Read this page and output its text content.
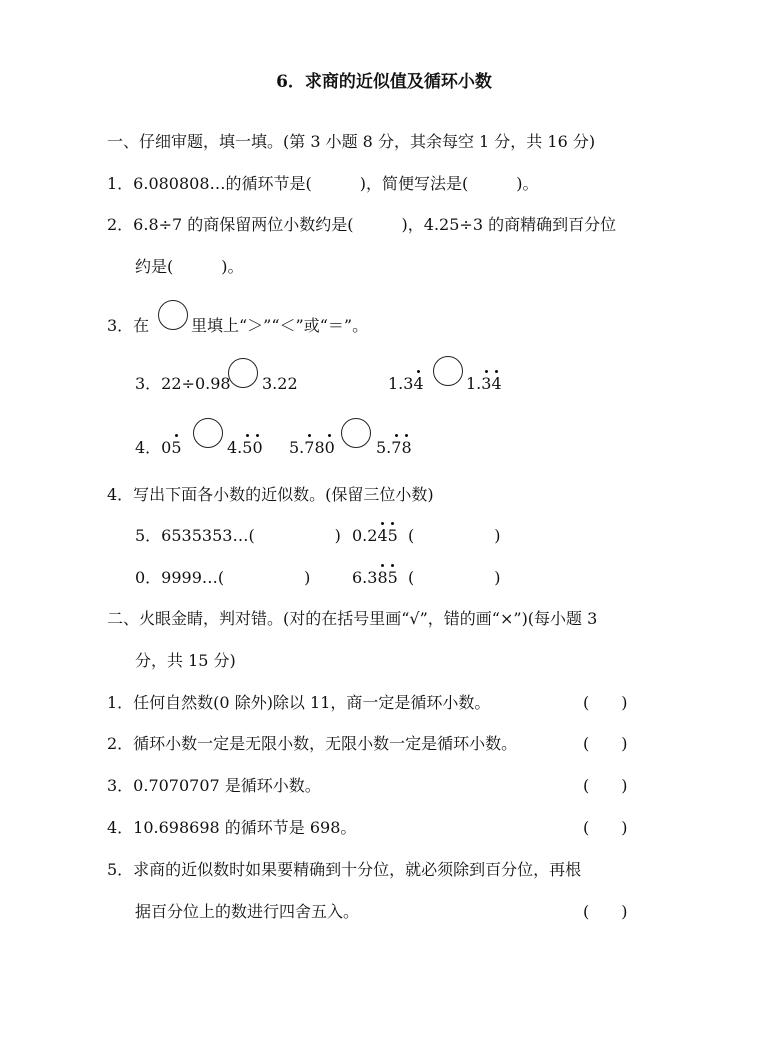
6．求商的近似值及循环小数
一、仔细审题，填一填。(第 3 小题 8 分，其余每空 1 分，共 16 分)
1．6.080808…的循环节是(　　　)，简便写法是(　　　)。
2．6.8÷7 的商保留两位小数约是(　　　)，4.25÷3 的商精确到百分位
约是(　　　)。
3．在	里填上“＞”“＜”或“＝”。
3．22÷0.98 3.22	1.34	1.34
4．05	4.50 5.780	5.78
4．写出下面各小数的近似数。(保留三位小数)
5．6535353…(　　　　　) 0.245  (　　　　　)
0．9999…(　　　　　)	6.385  (　　　　　)
二、火眼金睛，判对错。(对的在括号里画“√”，错的画“×”)(每小题 3
分，共 15 分)
1．任何自然数(0 除外)除以 11，商一定是循环小数。	(　　)
2．循环小数一定是无限小数，无限小数一定是循环小数。	(　　)
3．0.7070707 是循环小数。	(　　)
4．10.698698 的循环节是 698。	(　　)
5．求商的近似数时如果要精确到十分位，就必须除到百分位，再根
据百分位上的数进行四舍五入。	(　　)
